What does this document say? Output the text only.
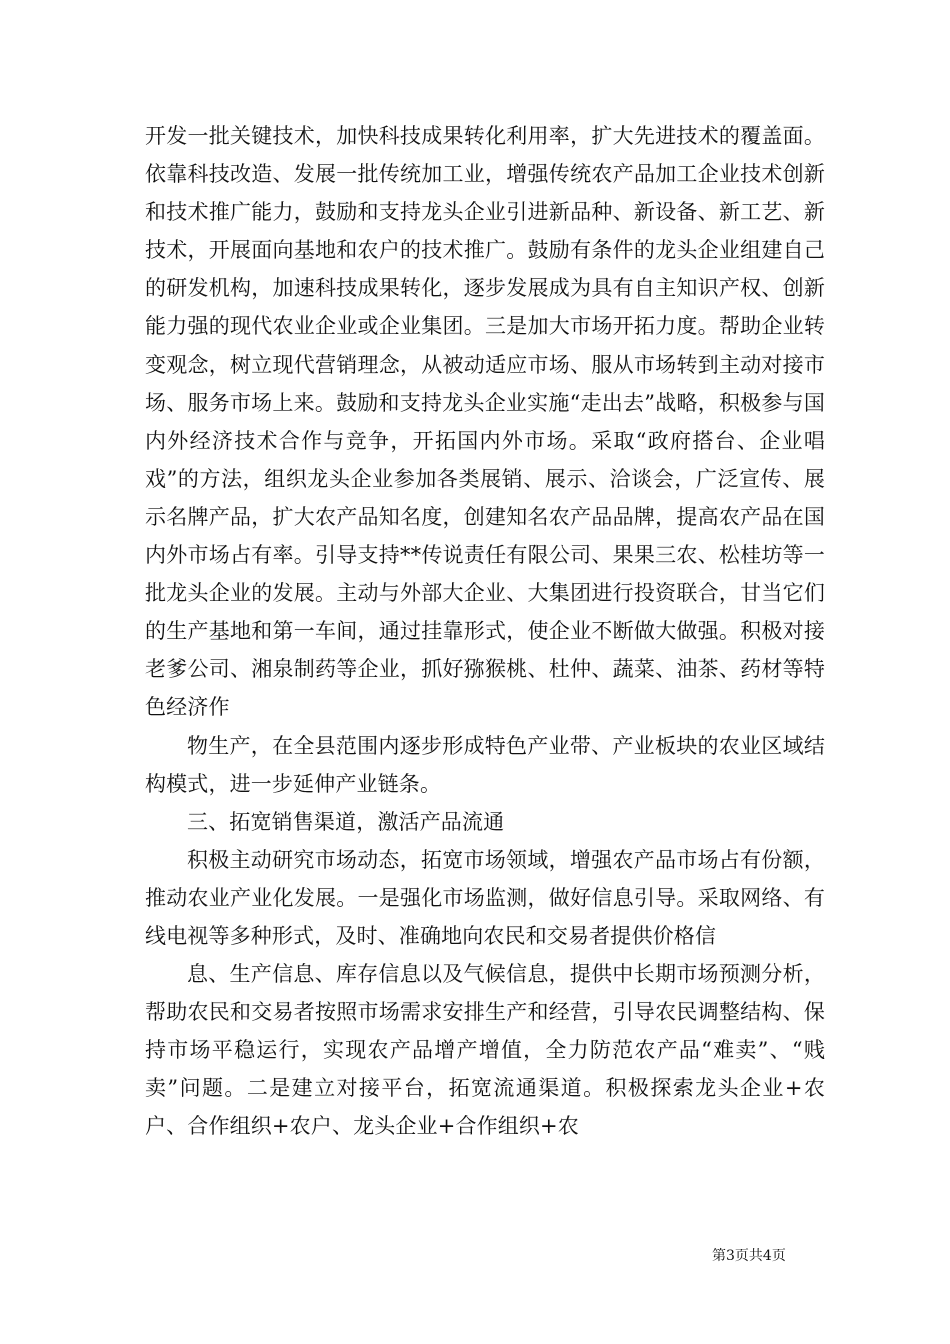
开发一批关键技术，加快科技成果转化利用率，扩大先进技术的覆盖面。依靠科技改造、发展一批传统加工业，增强传统农产品加工企业技术创新和技术推广能力，鼓励和支持龙头企业引进新品种、新设备、新工艺、新技术，开展面向基地和农户的技术推广。鼓励有条件的龙头企业组建自己的研发机构，加速科技成果转化，逐步发展成为具有自主知识产权、创新能力强的现代农业企业或企业集团。三是加大市场开拓力度。帮助企业转变观念，树立现代营销理念，从被动适应市场、服从市场转到主动对接市场、服务市场上来。鼓励和支持龙头企业实施“走出去”战略，积极参与国内外经济技术合作与竞争，开拓国内外市场。采取“政府搭台、企业唱戏”的方法，组织龙头企业参加各类展销、展示、洽谈会，广泛宣传、展示名牌产品，扩大农产品知名度，创建知名农产品品牌，提高农产品在国内外市场占有率。引导支持**传说责任有限公司、果果三农、松桂坊等一批龙头企业的发展。主动与外部大企业、大集团进行投资联合，甘当它们的生产基地和第一车间，通过挂靠形式，使企业不断做大做强。积极对接老爹公司、湘泉制药等企业，抓好猕猴桃、杜仲、蔬菜、油茶、药材等特色经济作

物生产，在全县范围内逐步形成特色产业带、产业板块的农业区域结构模式，进一步延伸产业链条。

三、拓宽销售渠道，激活产品流通

积极主动研究市场动态，拓宽市场领域，增强农产品市场占有份额，推动农业产业化发展。一是强化市场监测，做好信息引导。采取网络、有线电视等多种形式，及时、准确地向农民和交易者提供价格信

息、生产信息、库存信息以及气候信息，提供中长期市场预测分析，帮助农民和交易者按照市场需求安排生产和经营，引导农民调整结构、保持市场平稳运行，实现农产品增产增值，全力防范农产品“难卖”、“贱卖”问题。二是建立对接平台，拓宽流通渠道。积极探索龙头企业+农户、合作组织+农户、龙头企业+合作组织+农

第3页共4页
